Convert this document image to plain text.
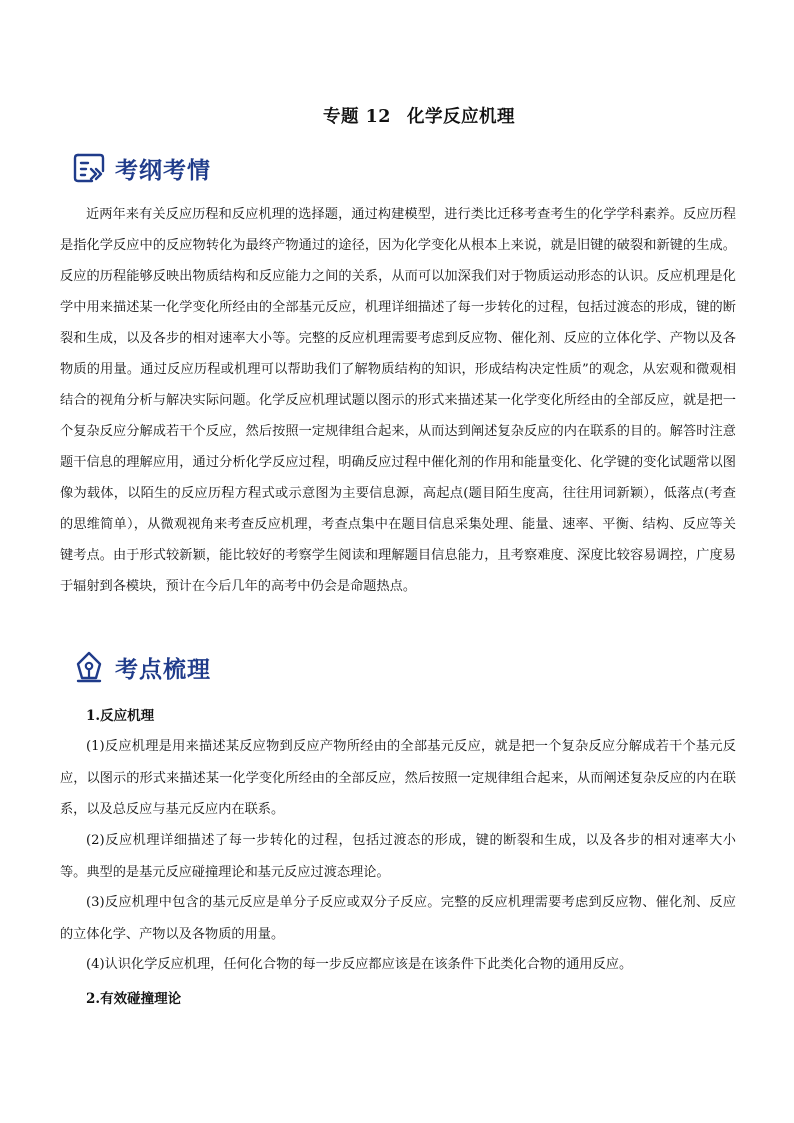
专题 12 化学反应机理
考纲考情

近两年来有关反应历程和反应机理的选择题，通过构建模型，进行类比迁移考查考生的化学学科素养。反应历程是指化学反应中的反应物转化为最终产物通过的途径，因为化学变化从根本上来说，就是旧键的破裂和新键的生成。反应的历程能够反映出物质结构和反应能力之间的关系，从而可以加深我们对于物质运动形态的认识。反应机理是化学中用来描述某一化学变化所经由的全部基元反应，机理详细描述了每一步转化的过程，包括过渡态的形成，键的断裂和生成，以及各步的相对速率大小等。完整的反应机理需要考虑到反应物、催化剂、反应的立体化学、产物以及各物质的用量。通过反应历程或机理可以帮助我们了解物质结构的知识，形成结构决定性质”的观念，从宏观和微观相结合的视角分析与解决实际问题。化学反应机理试题以图示的形式来描述某一化学变化所经由的全部反应，就是把一个复杂反应分解成若干个反应，然后按照一定规律组合起来，从而达到阐述复杂反应的内在联系的目的。解答时注意题干信息的理解应用，通过分析化学反应过程，明确反应过程中催化剂的作用和能量变化、化学键的变化试题常以图像为载体，以陌生的反应历程方程式或示意图为主要信息源，高起点(题目陌生度高，往往用词新颖），低落点(考查的思维简单），从微观视角来考查反应机理，考查点集中在题目信息采集处理、能量、速率、平衡、结构、反应等关键考点。由于形式较新颖，能比较好的考察学生阅读和理解题目信息能力，且考察难度、深度比较容易调控，广度易于辐射到各模块，预计在今后几年的高考中仍会是命题热点。

考点梳理
1.反应机理

(1)反应机理是用来描述某反应物到反应产物所经由的全部基元反应，就是把一个复杂反应分解成若干个基元反应，以图示的形式来描述某一化学变化所经由的全部反应，然后按照一定规律组合起来，从而阐述复杂反应的内在联系，以及总反应与基元反应内在联系。

(2)反应机理详细描述了每一步转化的过程，包括过渡态的形成，键的断裂和生成，以及各步的相对速率大小等。典型的是基元反应碰撞理论和基元反应过渡态理论。

(3)反应机理中包含的基元反应是单分子反应或双分子反应。完整的反应机理需要考虑到反应物、催化剂、反应的立体化学、产物以及各物质的用量。

(4)认识化学反应机理，任何化合物的每一步反应都应该是在该条件下此类化合物的通用反应。

2.有效碰撞理论
